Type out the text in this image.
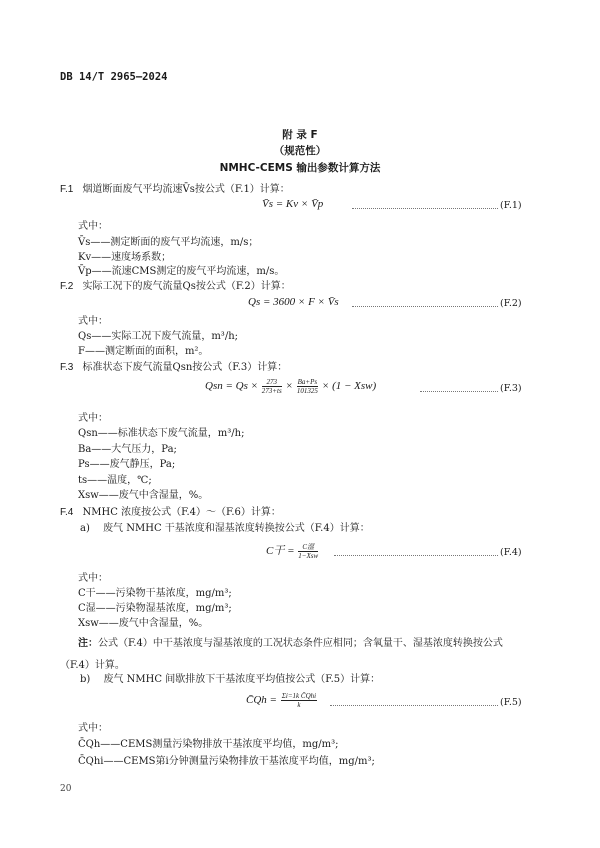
DB 14/T 2965—2024
附 录 F
（规范性）
NMHC-CEMS 输出参数计算方法
F.1 烟道断面废气平均流速V̄s按公式（F.1）计算：
V̄s = Kv × V̄p	(F.1)
式中：
V̄s——测定断面的废气平均流速，m/s；
Kv——速度场系数；
V̄p——流速CMS测定的废气平均流速，m/s。
F.2 实际工况下的废气流量Qs按公式（F.2）计算：
Qs = 3600 × F × V̄s	(F.2)
式中：
Qs——实际工况下废气流量，m³/h;
F——测定断面的面积，m²。
F.3 标准状态下废气流量Qsn按公式（F.3）计算：
Qsn = $Qs \times \frac{273}{273+ts} \times \frac{Ba+Ps}{101325} \times (1 - Xsw)$	(F.3)
式中：
Qsn——标准状态下废气流量，m³/h;
Ba——大气压力，Pa;
Ps——废气静压，Pa;
ts——温度，℃;
Xsw——废气中含湿量，%。
F.4 NMHC 浓度按公式（F.4）～（F.6）计算：
a) 废气 NMHC 干基浓度和湿基浓度转换按公式（F.4）计算：
C干 = $\frac{\text{C湿}}{\text{1−Xsw}}$	(F.4)
式中：
C干——污染物干基浓度，mg/m³;
C湿——污染物湿基浓度，mg/m³;
Xsw——废气中含湿量，%。
注：公式（F.4）中干基浓度与湿基浓度的工况状态条件应相同；含氧量干、湿基浓度转换按公式
（F.4）计算。
b) 废气 NMHC 间歇排放下干基浓度平均值按公式（F.5）计算：
C̄Qh = $\frac{\text{Σi=1k C̄Qhi}}{k}$	(F.5)
式中：
C̄Qh——CEMS测量污染物排放干基浓度平均值，mg/m³;
C̄Qhi——CEMS第i分钟测量污染物排放干基浓度平均值，mg/m³;
20
